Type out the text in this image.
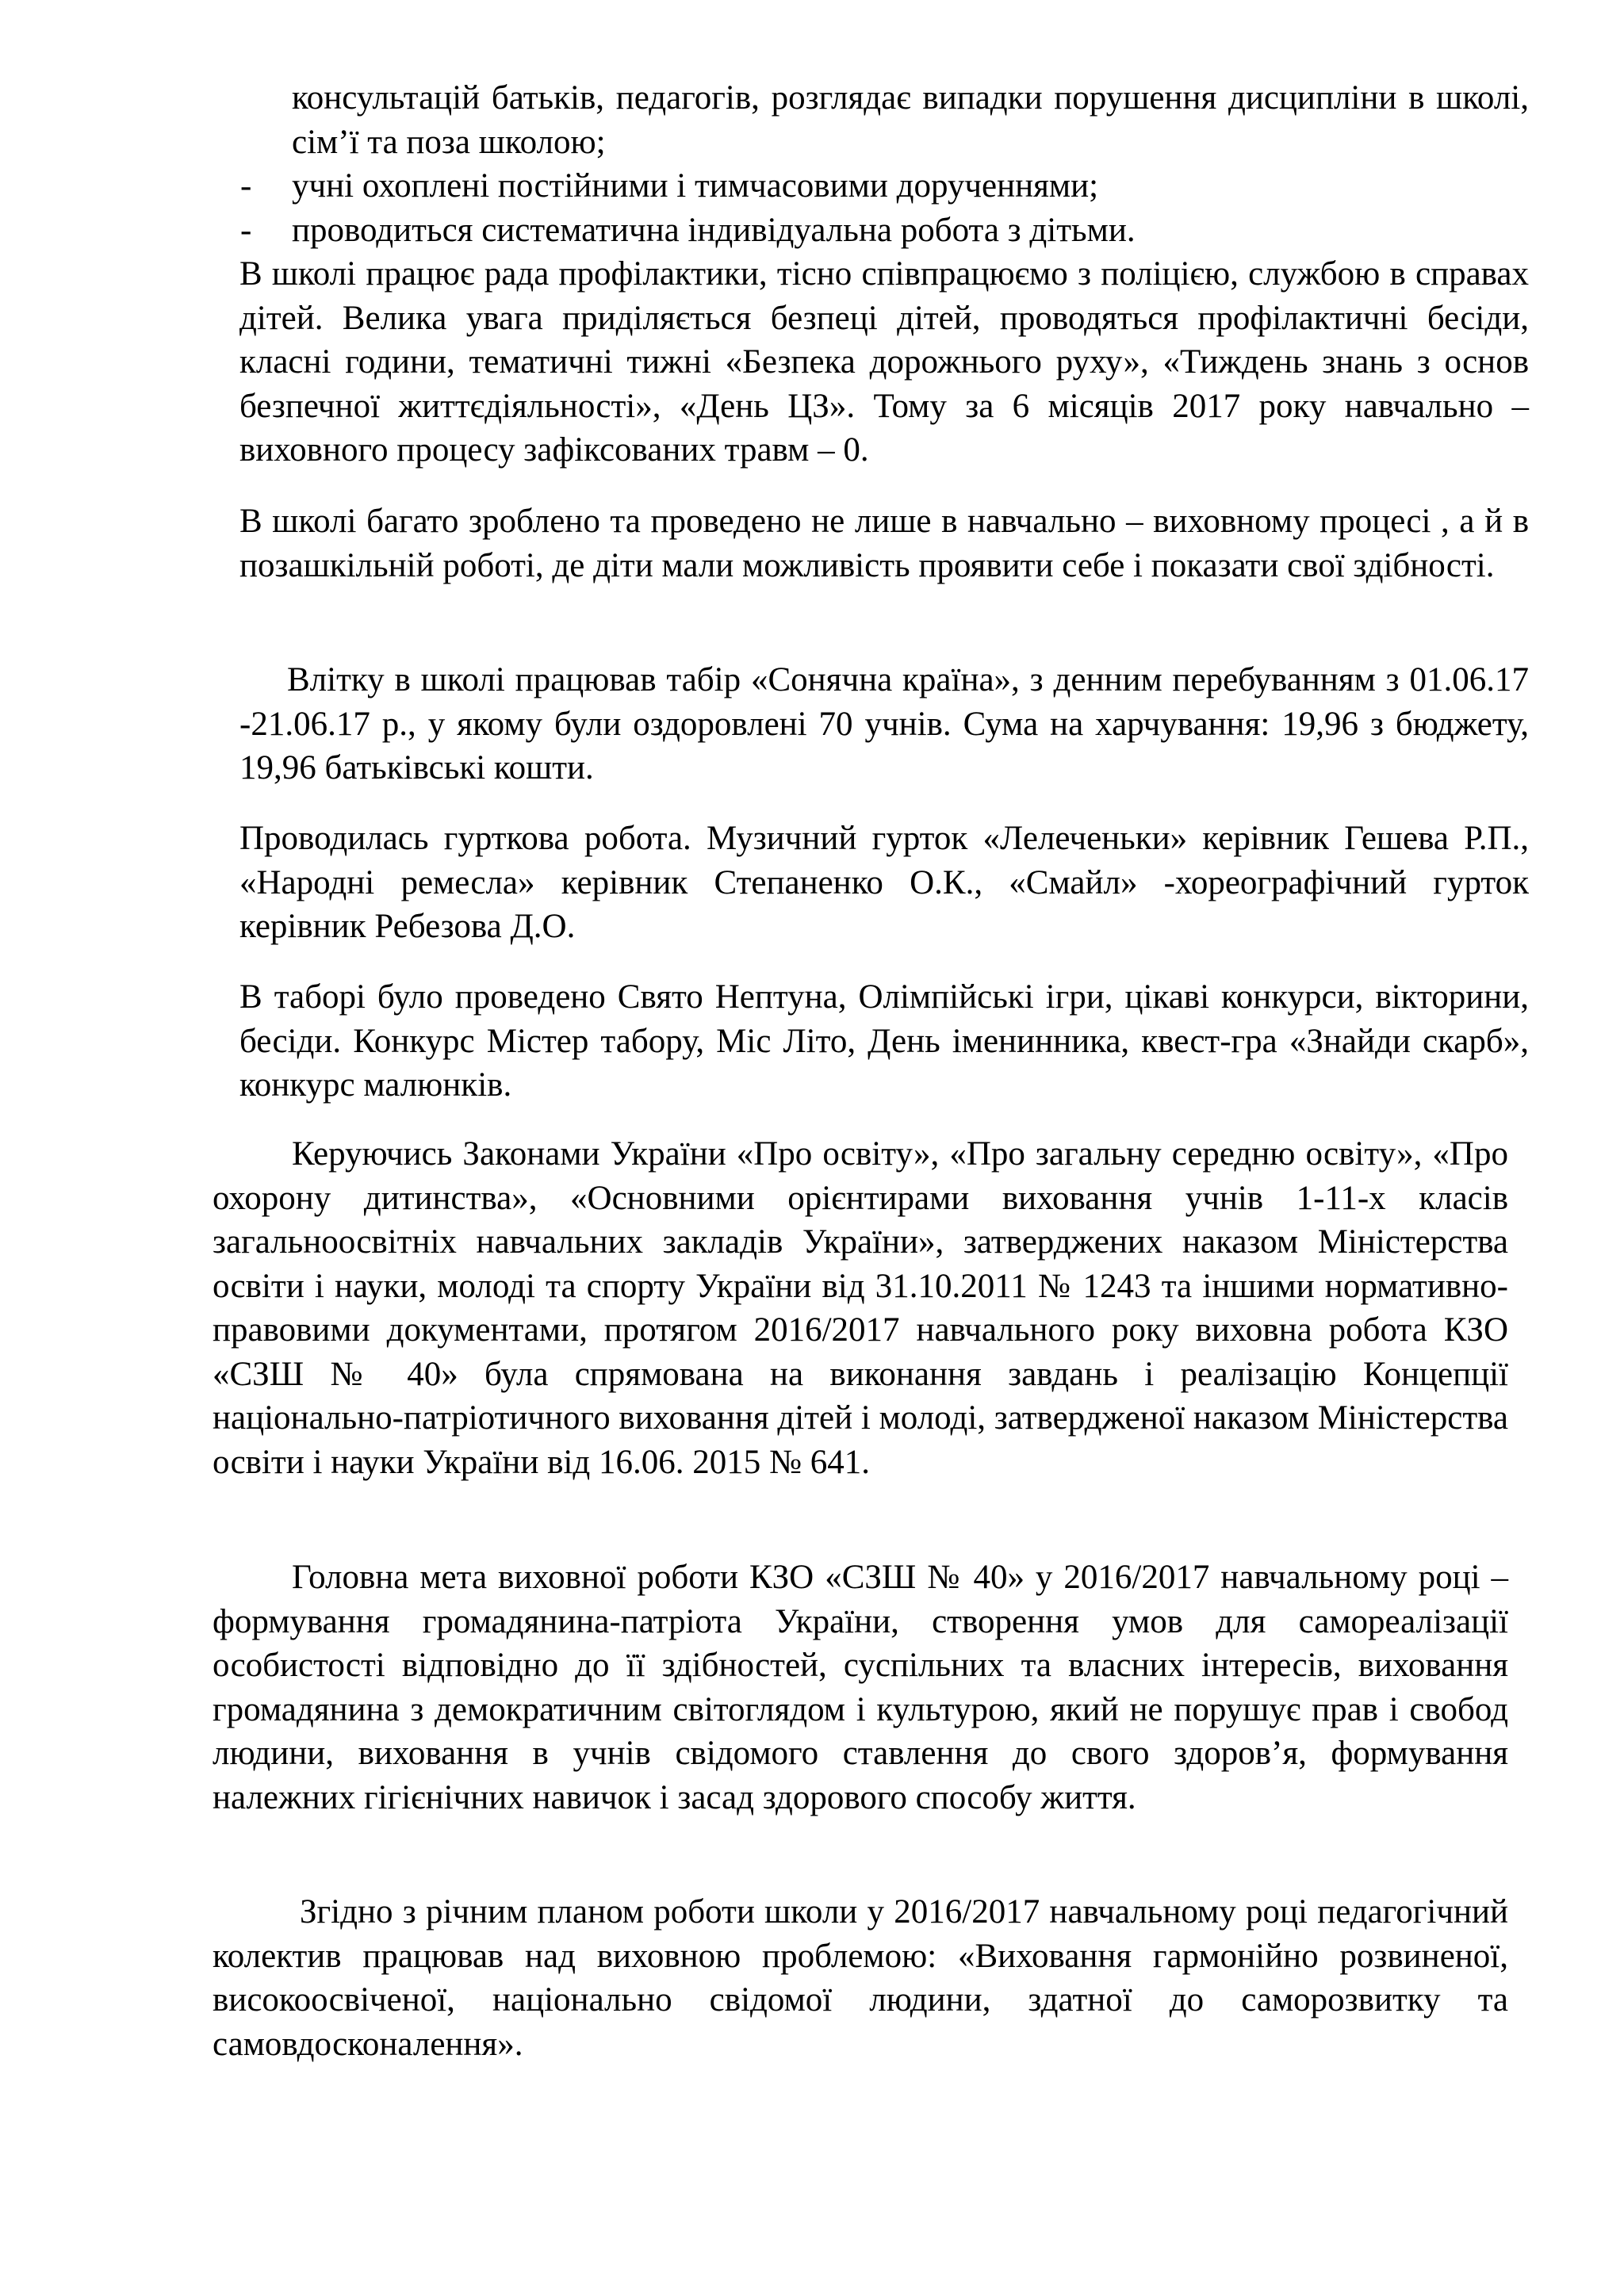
консультацій батьків, педагогів, розглядає випадки порушення дисципліни в школі, сім’ї та поза школою;

- учні охоплені постійними і тимчасовими дорученнями;
- проводиться систематична індивідуальна робота з дітьми.

В школі працює рада профілактики, тісно співпрацюємо з поліцією, службою в справах дітей. Велика увага приділяється безпеці дітей, проводяться профілактичні бесіди, класні години, тематичні тижні «Безпека дорожнього руху», «Тиждень знань з основ безпечної життєдіяльності», «День ЦЗ». Тому за 6 місяців 2017 року навчально – виховного процесу зафіксованих травм – 0.

В школі багато зроблено та проведено не лише в навчально – виховному процесі , а й в позашкільній роботі, де діти мали можливість проявити себе і показати свої здібності.

Влітку в школі працював табір «Сонячна країна», з денним перебуванням з 01.06.17 -21.06.17 р., у якому були оздоровлені 70 учнів. Сума на харчування: 19,96 з бюджету, 19,96 батьківські кошти.

Проводилась гурткова робота. Музичний гурток «Лелеченьки» керівник Гешева Р.П., «Народні ремесла» керівник Степаненко О.К., «Смайл» -хореографічний гурток керівник Ребезова Д.О.

В таборі було проведено Свято Нептуна, Олімпійські ігри, цікаві конкурси, вікторини, бесіди. Конкурс Містер табору, Міс Літо, День іменинника, квест-гра «Знайди скарб», конкурс малюнків.

Керуючись Законами України «Про освіту», «Про загальну середню освіту», «Про охорону дитинства», «Основними орієнтирами виховання учнів 1-11-х класів загальноосвітніх навчальних закладів України», затверджених наказом Міністерства освіти і науки, молоді та спорту України від 31.10.2011 № 1243 та іншими нормативно-правовими документами, протягом 2016/2017 навчального року виховна робота КЗО «СЗШ № 40» була спрямована на виконання завдань і реалізацію Концепції національно-патріотичного виховання дітей і молоді, затвердженої наказом Міністерства освіти і науки України від 16.06. 2015 № 641.

Головна мета виховної роботи КЗО «СЗШ № 40» у 2016/2017 навчальному році – формування громадянина-патріота України, створення умов для самореалізації особистості відповідно до її здібностей, суспільних та власних інтересів, виховання громадянина з демократичним світоглядом і культурою, який не порушує прав і свобод людини, виховання в учнів свідомого ставлення до свого здоров’я, формування належних гігієнічних навичок і засад здорового способу життя.

Згідно з річним планом роботи школи у 2016/2017 навчальному році педагогічний колектив працював над виховною проблемою: «Виховання гармонійно розвиненої, високоосвіченої, національно свідомої людини, здатної до саморозвитку та самовдосконалення».
